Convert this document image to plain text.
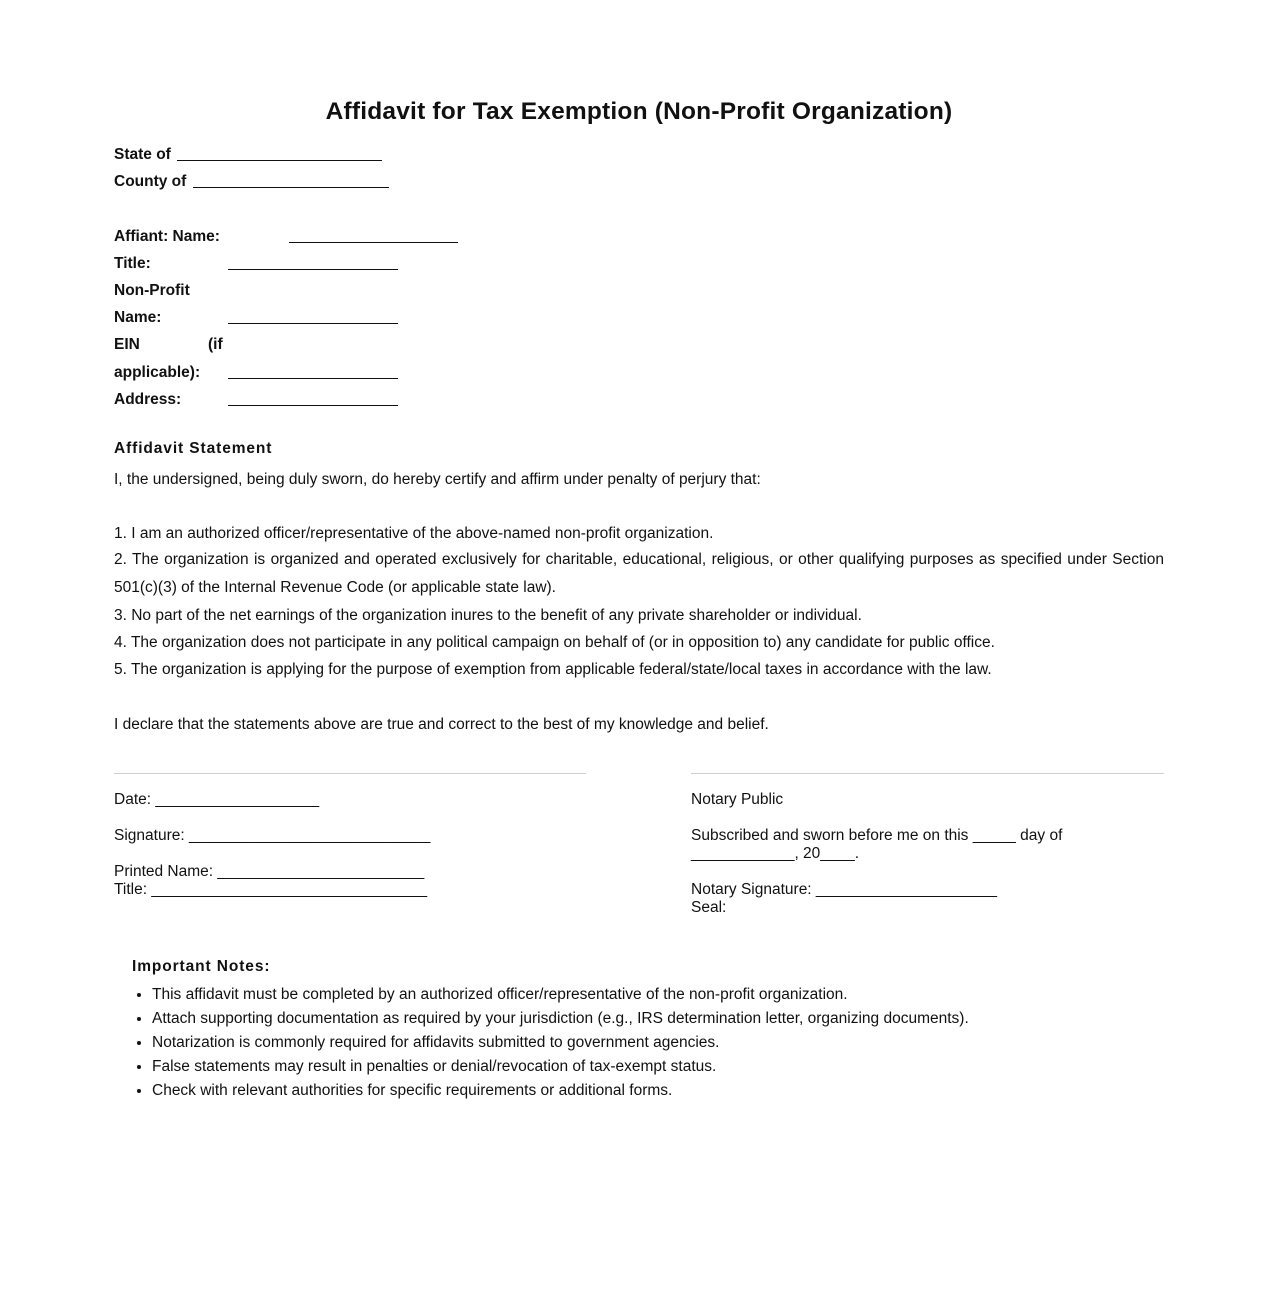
Affidavit for Tax Exemption (Non-Profit Organization)
State of
County of
Affiant: Name:
Title:
Non-Profit
Name:
EIN	(if
applicable):
Address:
Affidavit Statement
I, the undersigned, being duly sworn, do hereby certify and affirm under penalty of perjury that:
1. I am an authorized officer/representative of the above-named non-profit organization.
2. The organization is organized and operated exclusively for charitable, educational, religious, or other qualifying purposes as specified under Section 501(c)(3) of the Internal Revenue Code (or applicable state law).
3. No part of the net earnings of the organization inures to the benefit of any private shareholder or individual.
4. The organization does not participate in any political campaign on behalf of (or in opposition to) any candidate for public office.
5. The organization is applying for the purpose of exemption from applicable federal/state/local taxes in accordance with the law.
I declare that the statements above are true and correct to the best of my knowledge and belief.
Date: ___________________
Signature: ____________________________
Printed Name: ________________________
Title: ________________________________
Notary Public
Subscribed and sworn before me on this _____ day of
____________, 20____.
Notary Signature: _____________________
Seal:
Important Notes:
• This affidavit must be completed by an authorized officer/representative of the non-profit organization.
• Attach supporting documentation as required by your jurisdiction (e.g., IRS determination letter, organizing documents).
• Notarization is commonly required for affidavits submitted to government agencies.
• False statements may result in penalties or denial/revocation of tax-exempt status.
• Check with relevant authorities for specific requirements or additional forms.
